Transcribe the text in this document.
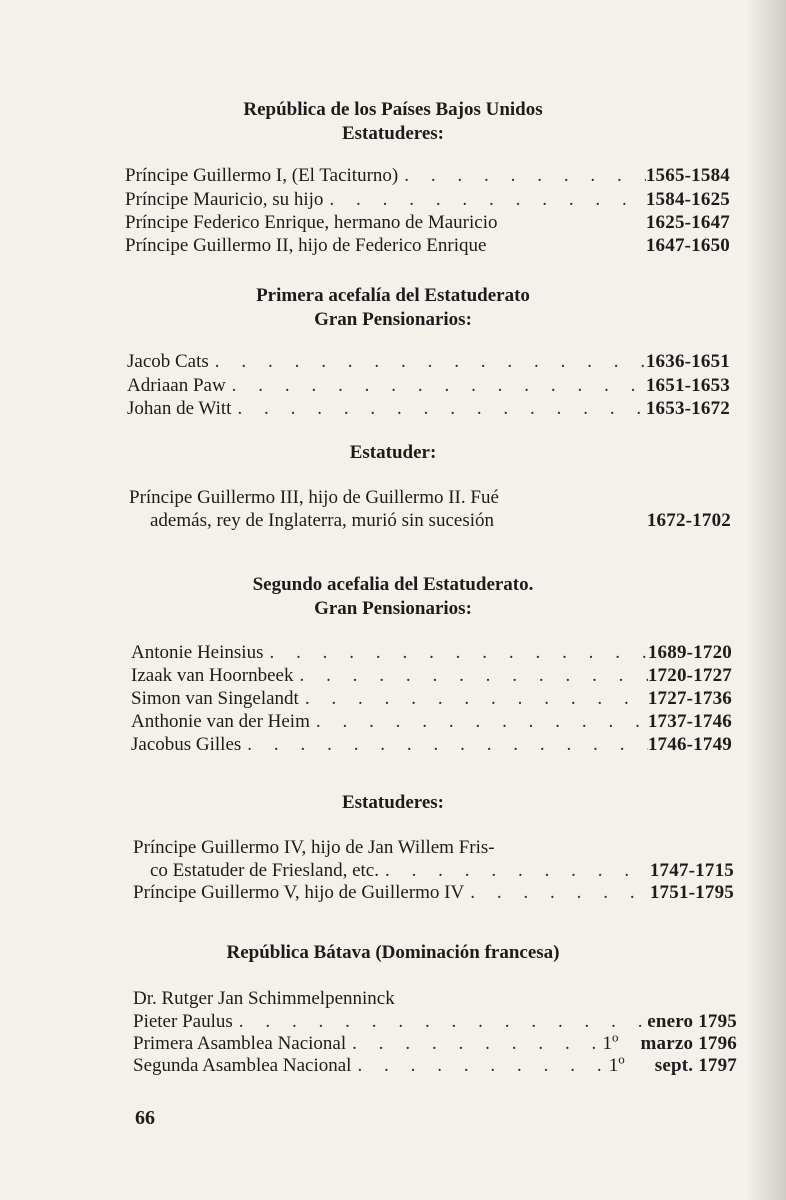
República de los Países Bajos Unidos
Estatuderes:
Príncipe Guillermo I, (El Taciturno) . . .	1565-1584
Príncipe Mauricio, su hijo . . .	1584-1625
Príncipe Federico Enrique, hermano de Mauricio	1625-1647
Príncipe Guillermo II, hijo de Federico Enrique	1647-1650
Primera acefalía del Estatuderato
Gran Pensionarios:
Jacob Cats . . .	1636-1651
Adriaan Paw . . .	1651-1653
Johan de Witt . . .	1653-1672
Estatuder:
Príncipe Guillermo III, hijo de Guillermo II. Fué
además, rey de Inglaterra, murió sin sucesión	1672-1702
Segundo acefalia del Estatuderato.
Gran Pensionarios:
Antonie Heinsius . . .	1689-1720
Izaak van Hoornbeek . . .	1720-1727
Simon van Singelandt . . .	1727-1736
Anthonie van der Heim . . .	1737-1746
Jacobus Gilles . . .	1746-1749
Estatuderes:
Príncipe Guillermo IV, hijo de Jan Willem Fris-
co Estatuder de Friesland, etc. . . .	1747-1715
Príncipe Guillermo V, hijo de Guillermo IV . . .	1751-1795
República Bátava (Dominación francesa)
Dr. Rutger Jan Schimmelpenninck
Pieter Paulus . . .	enero 1795
Primera Asamblea Nacional . . .	1$^o$	marzo 1796
Segunda Asamblea Nacional . . .	1$^o$	sept. 1797
66
